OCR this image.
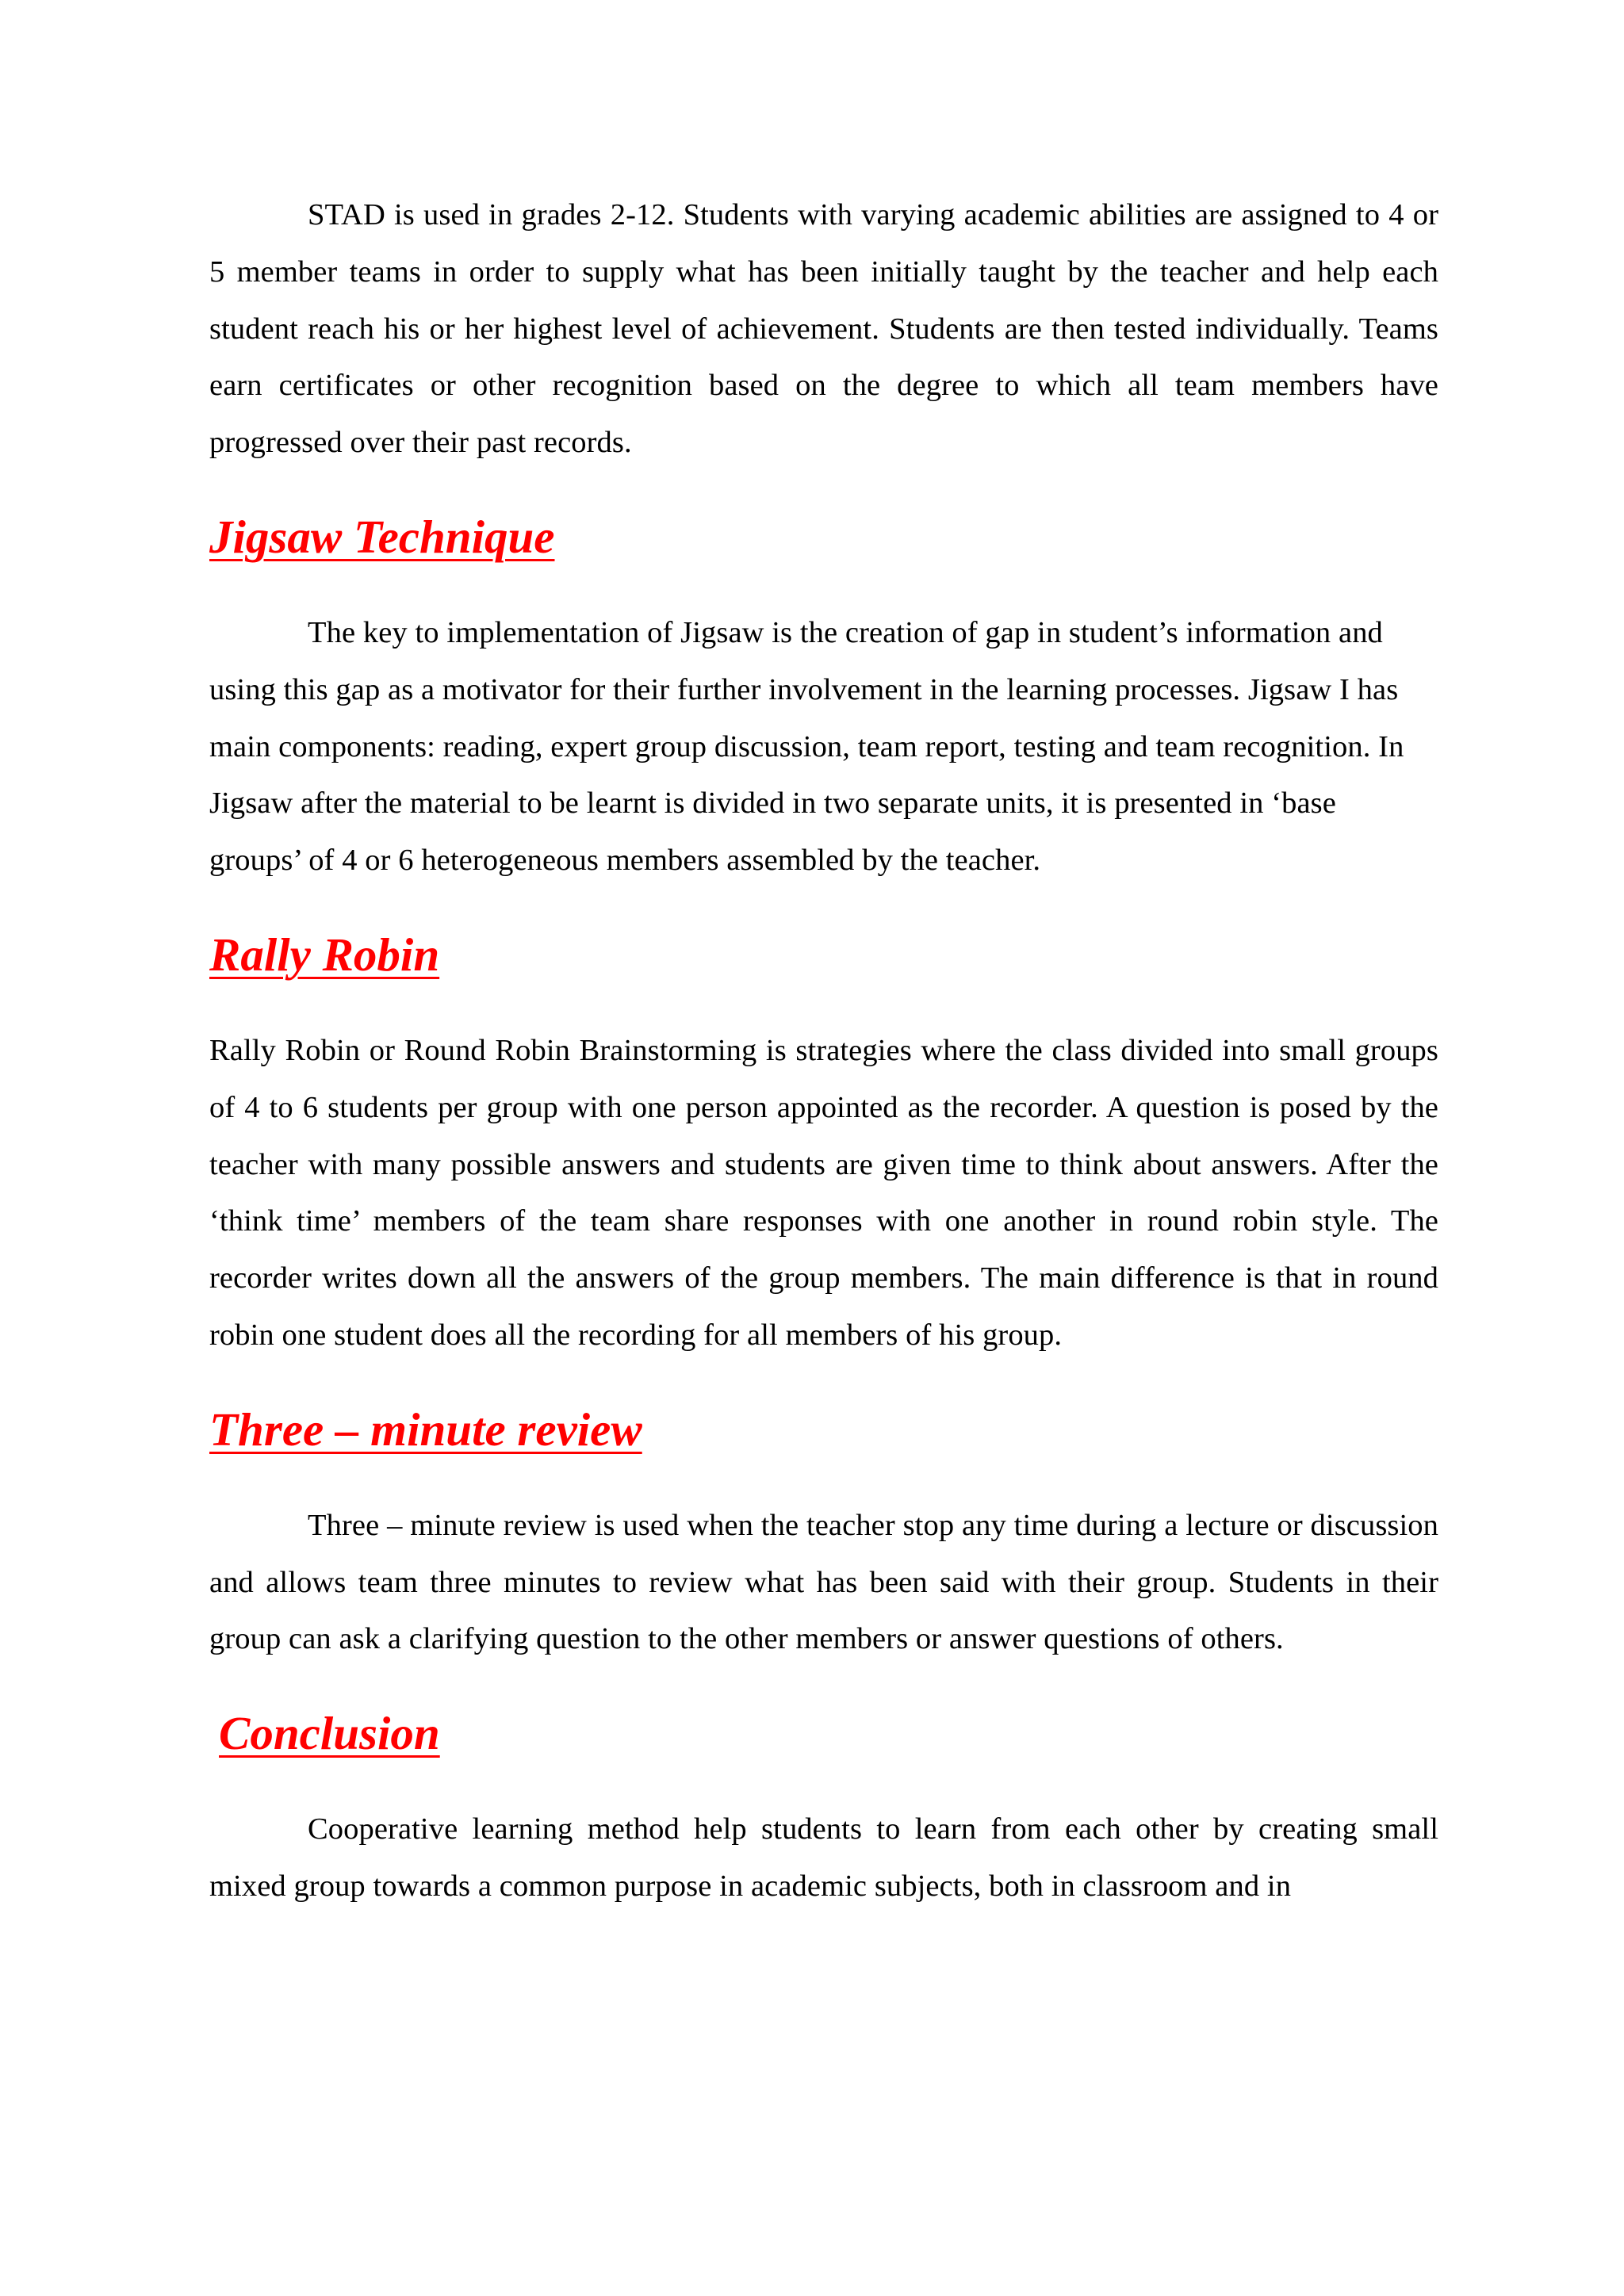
STAD is used in grades 2-12. Students with varying academic abilities are assigned to 4 or 5 member teams in order to supply what has been initially taught by the teacher and help each student reach his or her highest level of achievement. Students are then tested individually. Teams earn certificates or other recognition based on the degree to which all team members have progressed over their past records.

Jigsaw Technique

The key to implementation of Jigsaw is the creation of gap in student’s information and using this gap as a motivator for their further involvement in the learning processes. Jigsaw I has main components: reading, expert group discussion, team report, testing and team recognition. In Jigsaw after the material to be learnt is divided in two separate units, it is presented in ‘base groups’ of 4 or 6 heterogeneous members assembled by the teacher.

Rally Robin

Rally Robin or Round Robin Brainstorming is strategies where the class divided into small groups of 4 to 6 students per group with one person appointed as the recorder. A question is posed by the teacher with many possible answers and students are given time to think about answers. After the ‘think time’ members of the team share responses with one another in round robin style. The recorder writes down all the answers of the group members. The main difference is that in round robin one student does all the recording for all members of his group.

Three – minute review

Three – minute review is used when the teacher stop any time during a lecture or discussion and allows team three minutes to review what has been said with their group. Students in their group can ask a clarifying question to the other members or answer questions of others.

Conclusion

Cooperative learning method help students to learn from each other by creating small mixed group towards a common purpose in academic subjects, both in classroom and in
